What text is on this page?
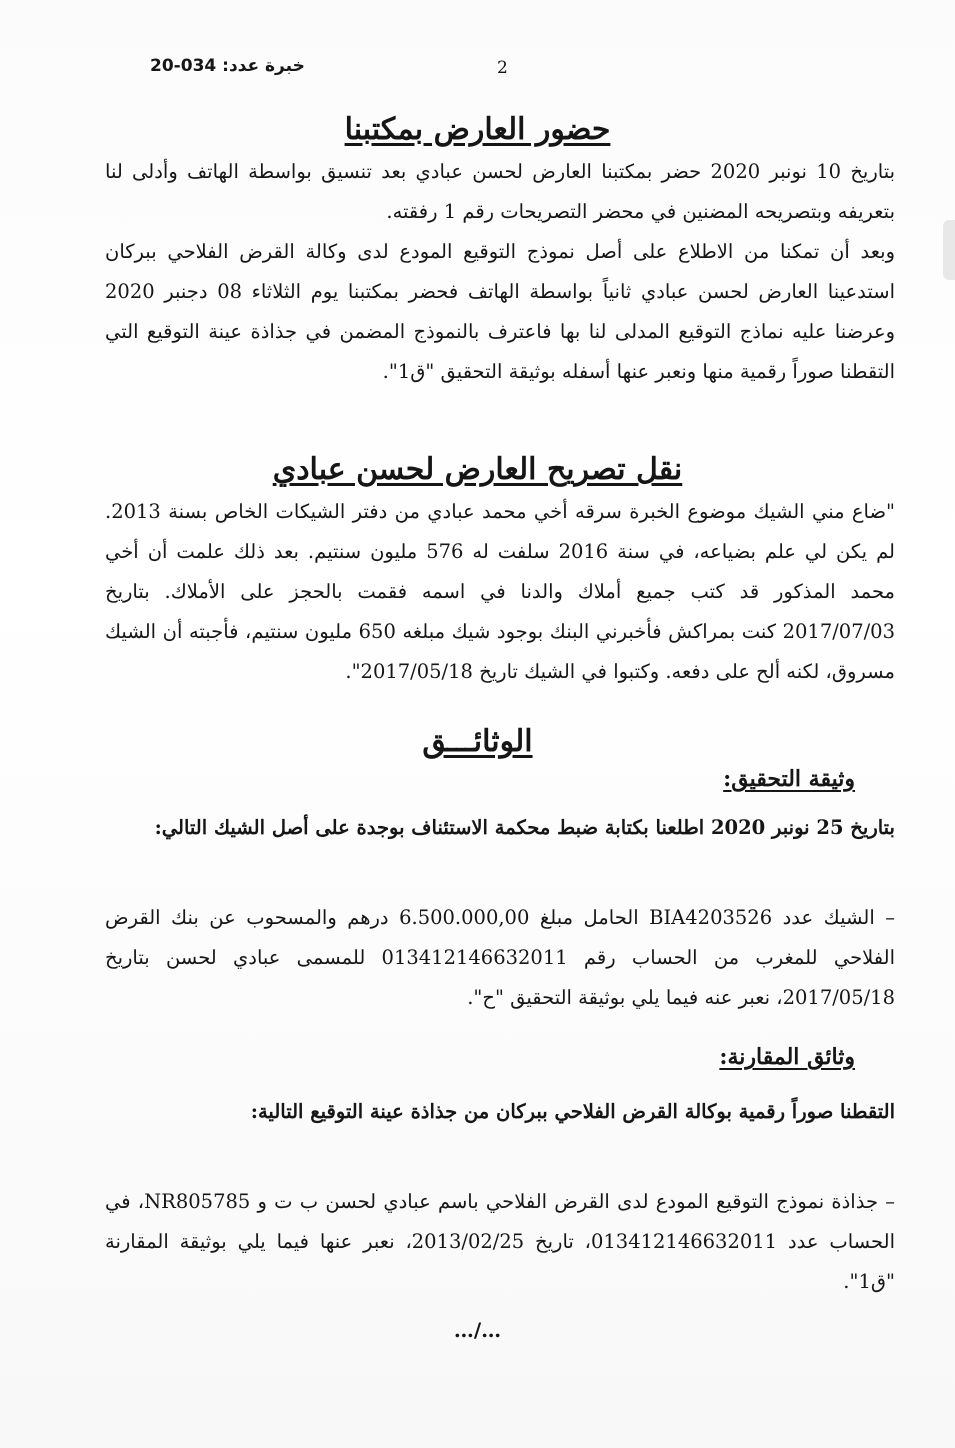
خبرة عدد: 034-20	2
حضور العارض بمكتبنا

بتاريخ 10 نونبر 2020 حضر بمكتبنا العارض لحسن عبادي بعد تنسيق بواسطة الهاتف وأدلى لنا بتعريفه وبتصريحه المضنين في محضر التصريحات رقم 1 رفقته.

وبعد أن تمكنا من الاطلاع على أصل نموذج التوقيع المودع لدى وكالة القرض الفلاحي ببركان استدعينا العارض لحسن عبادي ثانياً بواسطة الهاتف فحضر بمكتبنا يوم الثلاثاء 08 دجنبر 2020 وعرضنا عليه نماذج التوقيع المدلى لنا بها فاعترف بالنموذج المضمن في جذاذة عينة التوقيع التي التقطنا صوراً رقمية منها ونعبر عنها أسفله بوثيقة التحقيق "ق1".

نقل تصريح العارض لحسن عبادي
"ضاع مني الشيك موضوع الخبرة سرقه أخي محمد عبادي من دفتر الشيكات الخاص بسنة 2013. لم يكن لي علم بضياعه، في سنة 2016 سلفت له 576 مليون سنتيم. بعد ذلك علمت أن أخي محمد المذكور قد كتب جميع أملاك والدنا في اسمه فقمت بالحجز على الأملاك. بتاريخ 2017/07/03 كنت بمراكش فأخبرني البنك بوجود شيك مبلغه 650 مليون سنتيم، فأجبته أن الشيك مسروق، لكنه ألح على دفعه. وكتبوا في الشيك تاريخ 2017/05/18".
الوثائـــق
وثيقة التحقيق:
بتاريخ 25 نونبر 2020 اطلعنا بكتابة ضبط محكمة الاستئناف بوجدة على أصل الشيك التالي:
– الشيك عدد BIA4203526 الحامل مبلغ 6.500.000,00 درهم والمسحوب عن بنك القرض الفلاحي للمغرب من الحساب رقم 013412146632011 للمسمى عبادي لحسن بتاريخ 2017/05/18، نعبر عنه فيما يلي بوثيقة التحقيق "ح".
وثائق المقارنة:
التقطنا صوراً رقمية بوكالة القرض الفلاحي ببركان من جذاذة عينة التوقيع التالية:
– جذاذة نموذج التوقيع المودع لدى القرض الفلاحي باسم عبادي لحسن ب ت و NR805785، في الحساب عدد 013412146632011، تاريخ 2013/02/25، نعبر عنها فيما يلي بوثيقة المقارنة "ق1".
…/…
